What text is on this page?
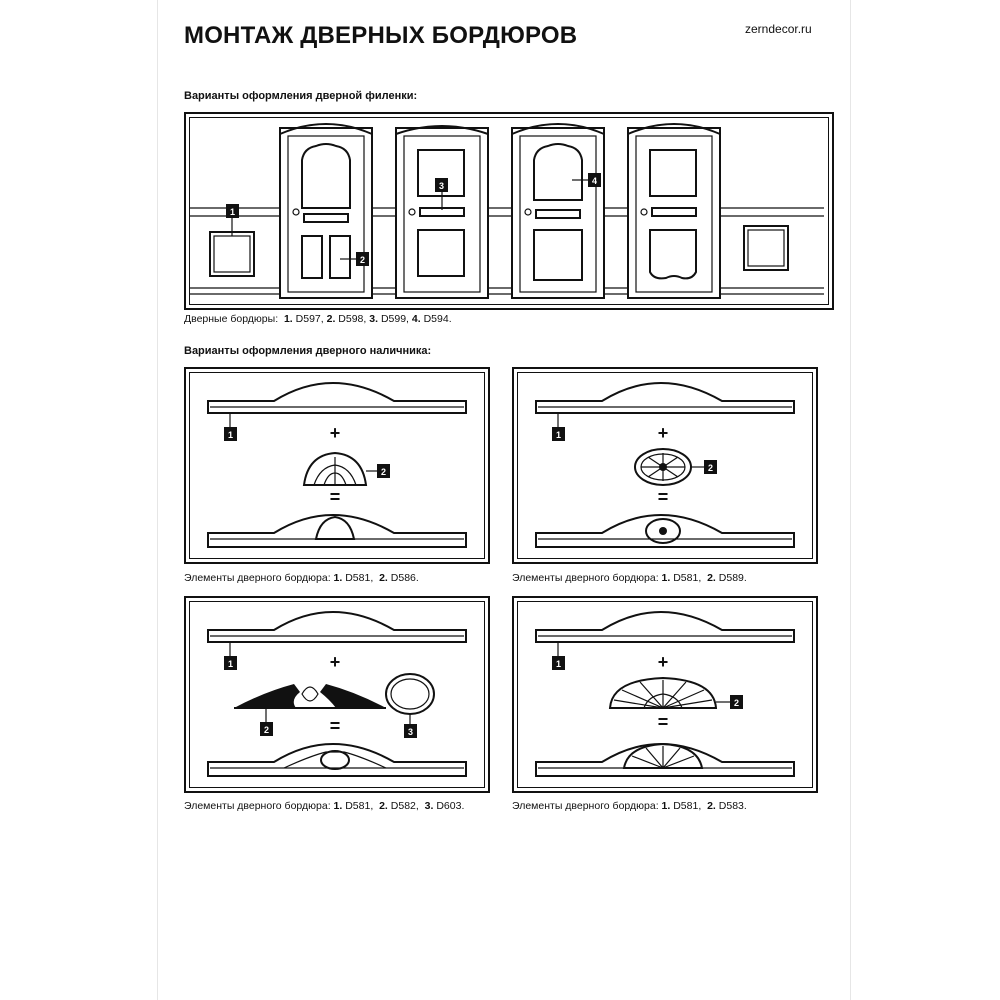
МОНТАЖ ДВЕРНЫХ БОРДЮРОВ	zerndecor.ru
Варианты оформления дверной филенки:
1
2
3	4
Дверные бордюры: 1. D597, 2. D598, 3. D599, 4. D594.
Варианты оформления дверного наличника:
1	+
2
=
Элементы дверного бордюра: 1. D581,  2. D586.
1	+
2
=
Элементы дверного бордюра: 1. D581,  2. D589.
1	+
2	3
=
Элементы дверного бордюра: 1. D581,  2. D582,  3. D603.
1	+
2
=
Элементы дверного бордюра: 1. D581,  2. D583.
